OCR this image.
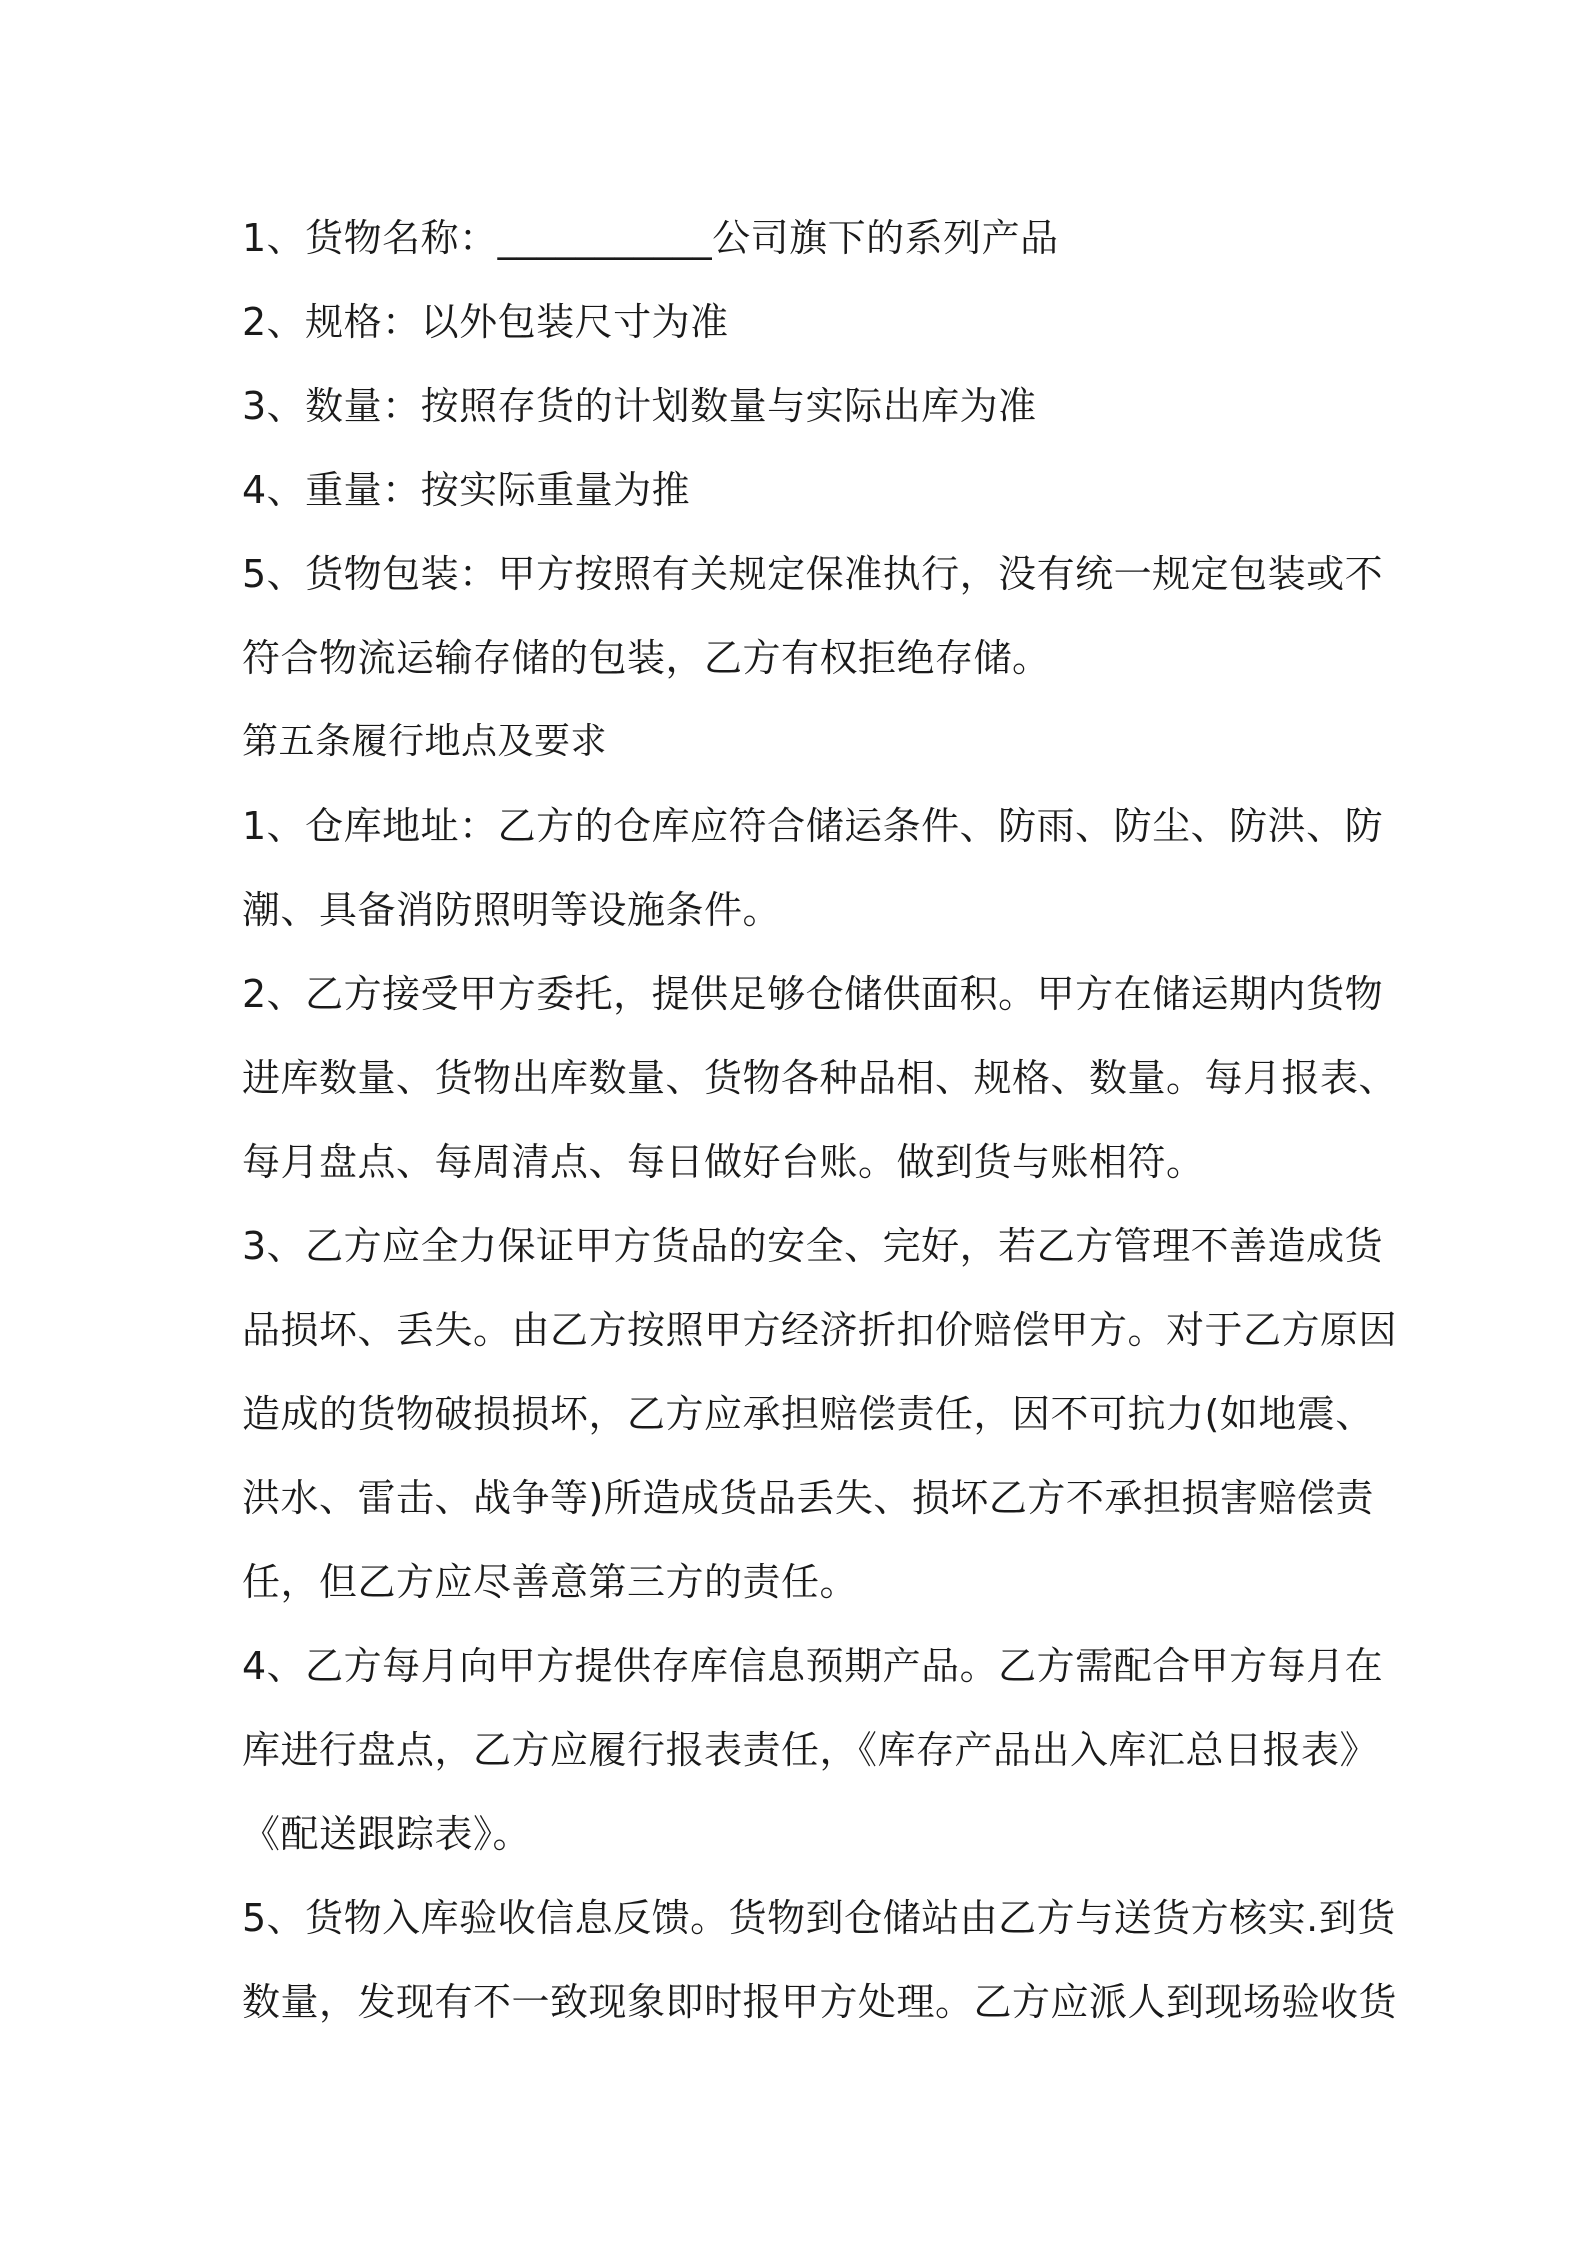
1、货物名称：___________公司旗下的系列产品
2、规格：以外包装尺寸为准
3、数量：按照存货的计划数量与实际出库为准
4、重量：按实际重量为推
5、货物包装：甲方按照有关规定保准执行，没有统一规定包装或不
符合物流运输存储的包装，乙方有权拒绝存储。
第五条履行地点及要求
1、仓库地址：乙方的仓库应符合储运条件、防雨、防尘、防洪、防
潮、具备消防照明等设施条件。
2、乙方接受甲方委托，提供足够仓储供面积。甲方在储运期内货物
进库数量、货物出库数量、货物各种品相、规格、数量。每月报表、
每月盘点、每周清点、每日做好台账。做到货与账相符。
3、乙方应全力保证甲方货品的安全、完好，若乙方管理不善造成货
品损坏、丢失。由乙方按照甲方经济折扣价赔偿甲方。对于乙方原因
造成的货物破损损坏，乙方应承担赔偿责任，因不可抗力(如地震、
洪水、雷击、战争等)所造成货品丢失、损坏乙方不承担损害赔偿责
任，但乙方应尽善意第三方的责任。
4、乙方每月向甲方提供存库信息预期产品。乙方需配合甲方每月在
库进行盘点，乙方应履行报表责任，《库存产品出入库汇总日报表》
《配送跟踪表》。
5、货物入库验收信息反馈。货物到仓储站由乙方与送货方核实.到货
数量，发现有不一致现象即时报甲方处理。乙方应派人到现场验收货
